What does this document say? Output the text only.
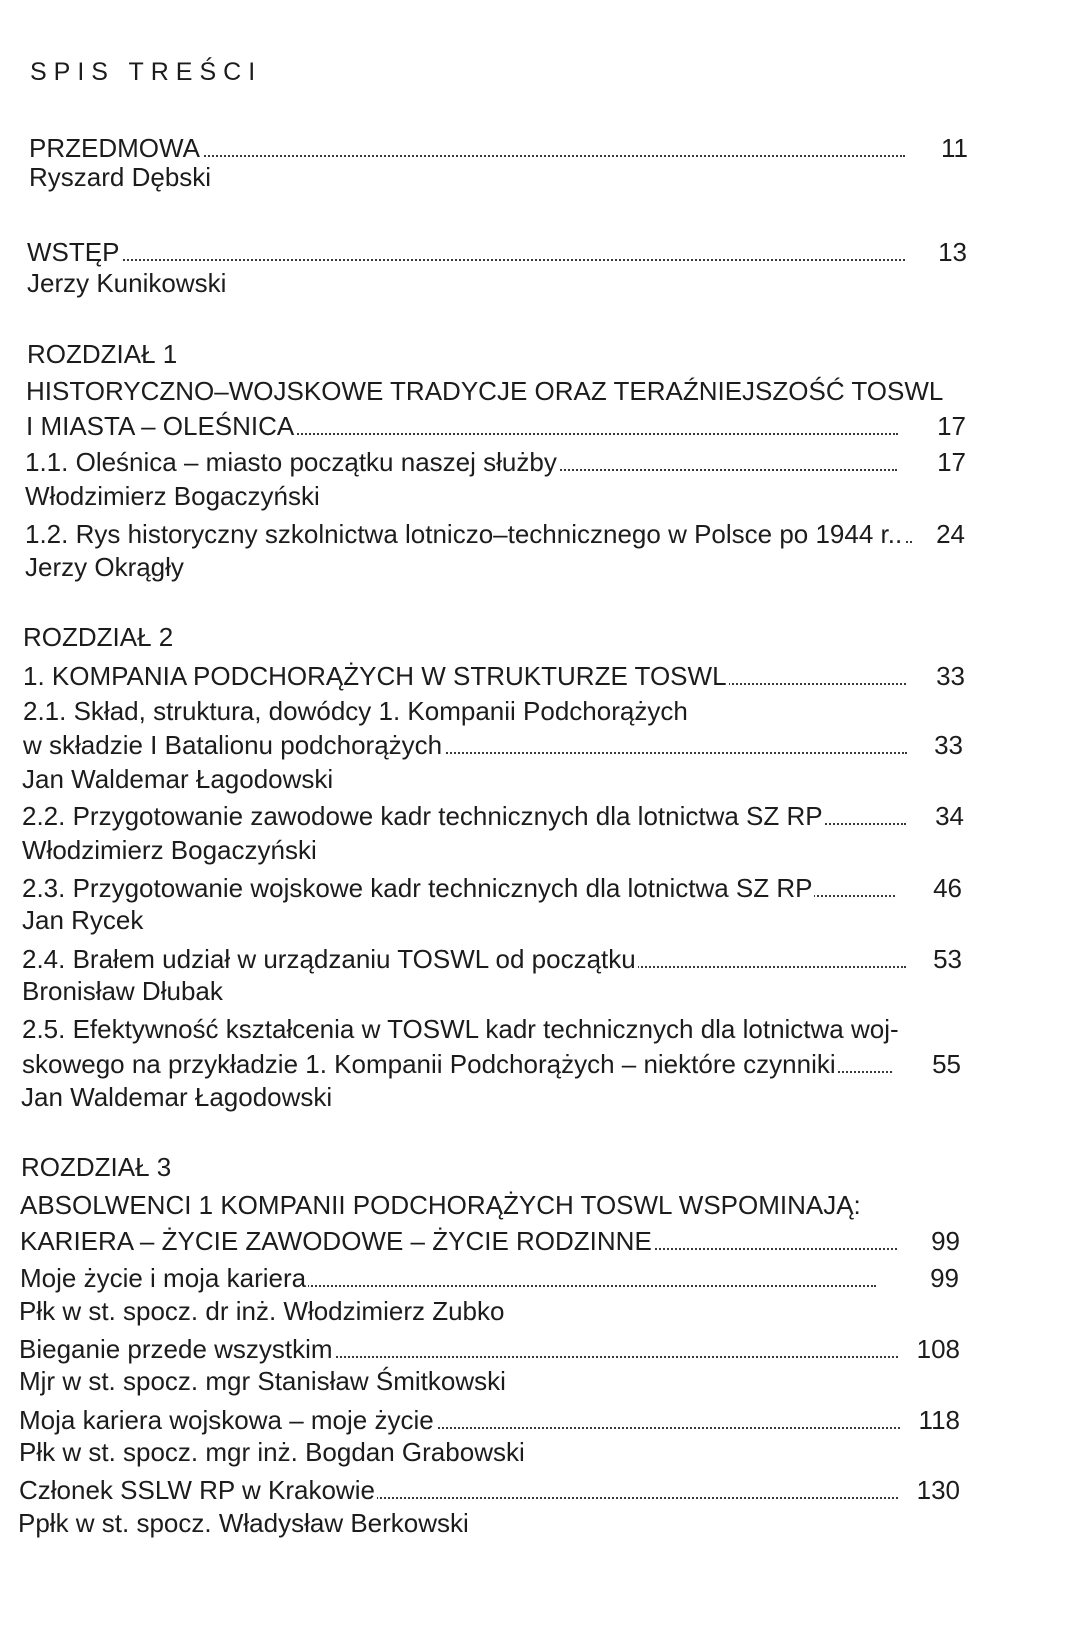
SPIS TREŚCI
PRZEDMOWA	11
Ryszard Dębski
WSTĘP	13
Jerzy Kunikowski
ROZDZIAŁ 1
HISTORYCZNO–WOJSKOWE TRADYCJE ORAZ TERAŹNIEJSZOŚĆ TOSWL
I MIASTA – OLEŚNICA	17
1.1. Oleśnica – miasto początku naszej służby	17
Włodzimierz Bogaczyński
1.2. Rys historyczny szkolnictwa lotniczo–technicznego w Polsce po 1944 r..	24
Jerzy Okrągły
ROZDZIAŁ 2
1. KOMPANIA PODCHORĄŻYCH W STRUKTURZE TOSWL	33
2.1. Skład, struktura, dowódcy 1. Kompanii Podchorążych
w składzie I Batalionu podchorążych	33
Jan Waldemar Łagodowski
2.2. Przygotowanie zawodowe kadr technicznych dla lotnictwa SZ RP	34
Włodzimierz Bogaczyński
2.3. Przygotowanie wojskowe kadr technicznych dla lotnictwa SZ RP	46
Jan Rycek
2.4. Brałem udział w urządzaniu TOSWL od początku	53
Bronisław Dłubak
2.5. Efektywność kształcenia w TOSWL kadr technicznych dla lotnictwa woj-
skowego na przykładzie 1. Kompanii Podchorążych – niektóre czynniki	55
Jan Waldemar Łagodowski
ROZDZIAŁ 3
ABSOLWENCI 1 KOMPANII PODCHORĄŻYCH TOSWL WSPOMINAJĄ:
KARIERA – ŻYCIE ZAWODOWE – ŻYCIE RODZINNE	99
Moje życie i moja kariera	99
Płk w st. spocz. dr inż. Włodzimierz Zubko
Bieganie przede wszystkim	108
Mjr w st. spocz. mgr Stanisław Śmitkowski
Moja kariera wojskowa – moje życie	118
Płk w st. spocz. mgr inż. Bogdan Grabowski
Członek SSLW RP w Krakowie	130
Ppłk w st. spocz. Władysław Berkowski
